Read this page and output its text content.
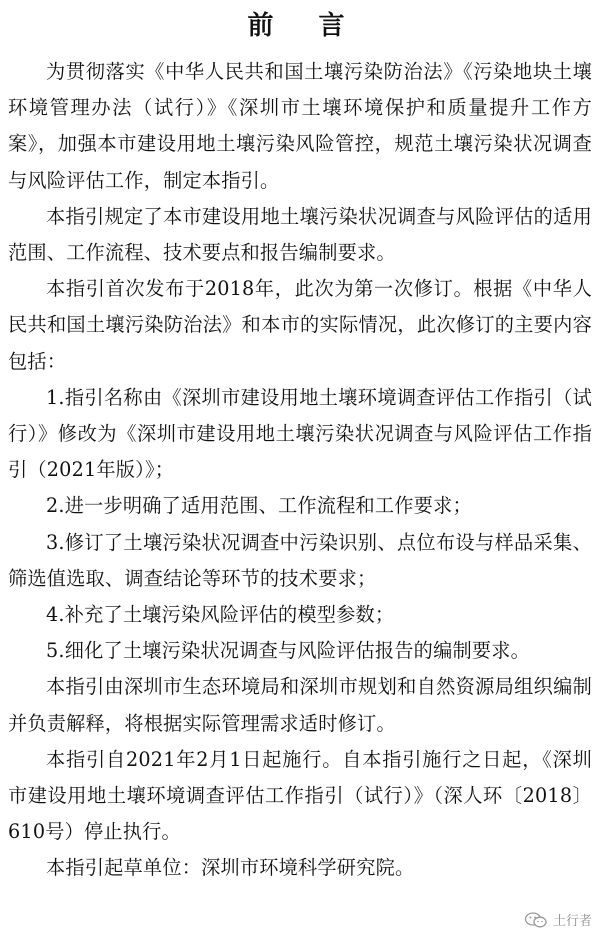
前 言

为贯彻落实《中华人民共和国土壤污染防治法》《污染地块土壤环境管理办法（试行）》《深圳市土壤环境保护和质量提升工作方案》，加强本市建设用地土壤污染风险管控，规范土壤污染状况调查与风险评估工作，制定本指引。

本指引规定了本市建设用地土壤污染状况调查与风险评估的适用范围、工作流程、技术要点和报告编制要求。

本指引首次发布于2018年，此次为第一次修订。根据《中华人民共和国土壤污染防治法》和本市的实际情况，此次修订的主要内容包括：

1.指引名称由《深圳市建设用地土壤环境调查评估工作指引（试行）》修改为《深圳市建设用地土壤污染状况调查与风险评估工作指引（2021年版）》；

2.进一步明确了适用范围、工作流程和工作要求；

3.修订了土壤污染状况调查中污染识别、点位布设与样品采集、筛选值选取、调查结论等环节的技术要求；

4.补充了土壤污染风险评估的模型参数；

5.细化了土壤污染状况调查与风险评估报告的编制要求。

本指引由深圳市生态环境局和深圳市规划和自然资源局组织编制并负责解释，将根据实际管理需求适时修订。

本指引自2021年2月1日起施行。自本指引施行之日起，《深圳市建设用地土壤环境调查评估工作指引（试行）》（深人环〔2018〕610号）停止执行。

本指引起草单位：深圳市环境科学研究院。

土行者
